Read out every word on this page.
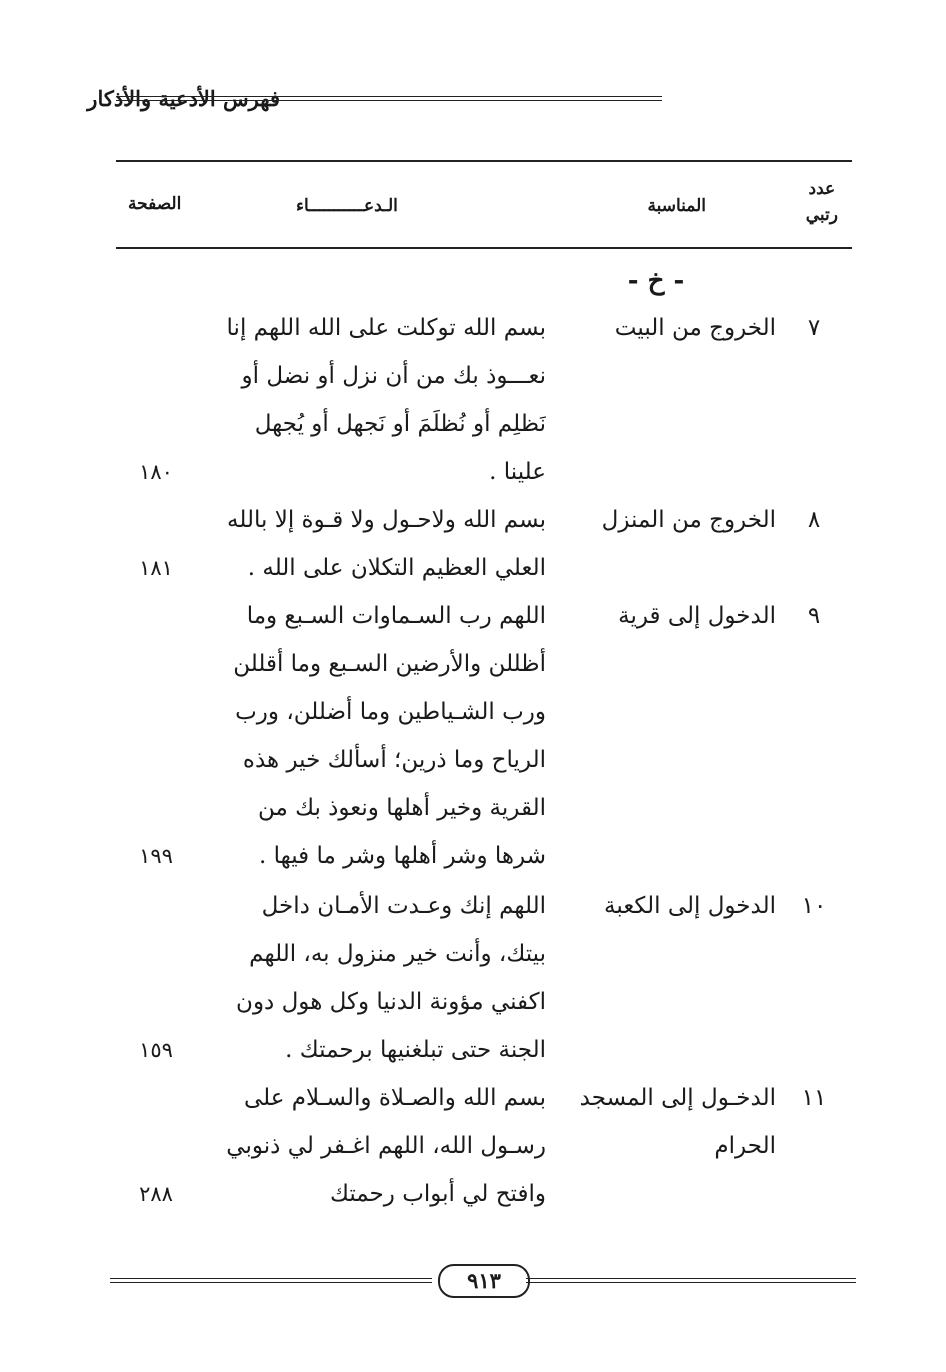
فهرس الأدعية والأذكار
عدد
رتبي
المناسبة
الـدعـــــــــــاء
الصفحة
- خ -
٧
الخروج من البيت
بسم الله توكلت على الله اللهم إنا
نعـــوذ بك من أن نزل أو نضل أو
نَظلِم أو نُظلَمَ أو نَجهل أو يُجهل
علينا .
١٨٠
٨
الخروج من المنزل
بسم الله ولاحـول ولا قـوة إلا بالله
العلي العظيم التكلان على الله .
١٨١
٩
الدخول إلى قرية
اللهم رب السـماوات السـبع وما
أظللن والأرضين السـبع وما أقللن
ورب الشـياطين وما أضللن، ورب
الرياح وما ذرين؛ أسألك خير هذه
القرية وخير أهلها ونعوذ بك من
شرها وشر أهلها وشر ما فيها .
١٩٩
١٠
الدخول إلى الكعبة
اللهم إنك وعـدت الأمـان داخل
بيتك، وأنت خير منزول به، اللهم
اكفني مؤونة الدنيا وكل هول دون
الجنة حتى تبلغنيها برحمتك .
١٥٩
١١
الدخـول إلى المسجد
الحرام
بسم الله والصـلاة والسـلام على
رسـول الله، اللهم اغـفر لي ذنوبي
وافتح لي أبواب رحمتك
٢٨٨
٩١٣
